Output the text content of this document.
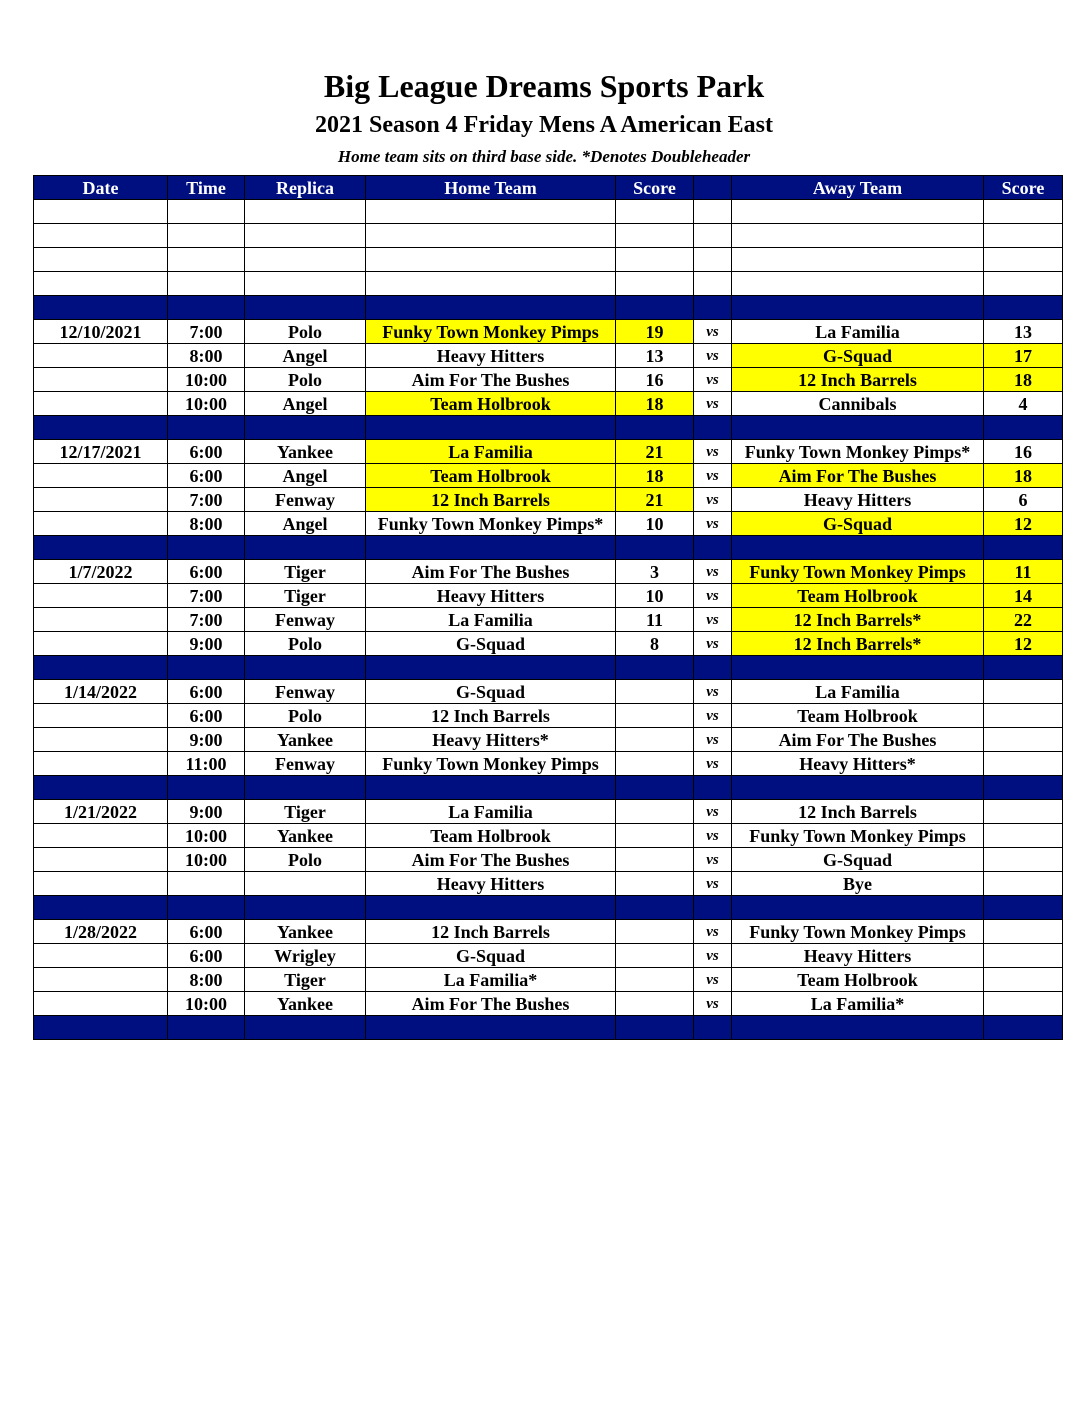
Big League Dreams Sports Park
2021 Season 4 Friday Mens A American East
Home team sits on third base side. *Denotes Doubleheader
Date	Time	Replica	Home Team	Score		Away Team	Score

12/10/2021	7:00	Polo	Funky Town Monkey Pimps	19	vs	La Familia	13
	8:00	Angel	Heavy Hitters	13	vs	G-Squad	17
	10:00	Polo	Aim For The Bushes	16	vs	12 Inch Barrels	18
	10:00	Angel	Team Holbrook	18	vs	Cannibals	4

12/17/2021	6:00	Yankee	La Familia	21	vs	Funky Town Monkey Pimps*	16
	6:00	Angel	Team Holbrook	18	vs	Aim For The Bushes	18
	7:00	Fenway	12 Inch Barrels	21	vs	Heavy Hitters	6
	8:00	Angel	Funky Town Monkey Pimps*	10	vs	G-Squad	12

1/7/2022	6:00	Tiger	Aim For The Bushes	3	vs	Funky Town Monkey Pimps	11
	7:00	Tiger	Heavy Hitters	10	vs	Team Holbrook	14
	7:00	Fenway	La Familia	11	vs	12 Inch Barrels*	22
	9:00	Polo	G-Squad	8	vs	12 Inch Barrels*	12

1/14/2022	6:00	Fenway	G-Squad		vs	La Familia	
	6:00	Polo	12 Inch Barrels		vs	Team Holbrook	
	9:00	Yankee	Heavy Hitters*		vs	Aim For The Bushes	
	11:00	Fenway	Funky Town Monkey Pimps		vs	Heavy Hitters*	

1/21/2022	9:00	Tiger	La Familia		vs	12 Inch Barrels	
	10:00	Yankee	Team Holbrook		vs	Funky Town Monkey Pimps	
	10:00	Polo	Aim For The Bushes		vs	G-Squad	
			Heavy Hitters		vs	Bye	

1/28/2022	6:00	Yankee	12 Inch Barrels		vs	Funky Town Monkey Pimps	
	6:00	Wrigley	G-Squad		vs	Heavy Hitters	
	8:00	Tiger	La Familia*		vs	Team Holbrook	
	10:00	Yankee	Aim For The Bushes		vs	La Familia*	
